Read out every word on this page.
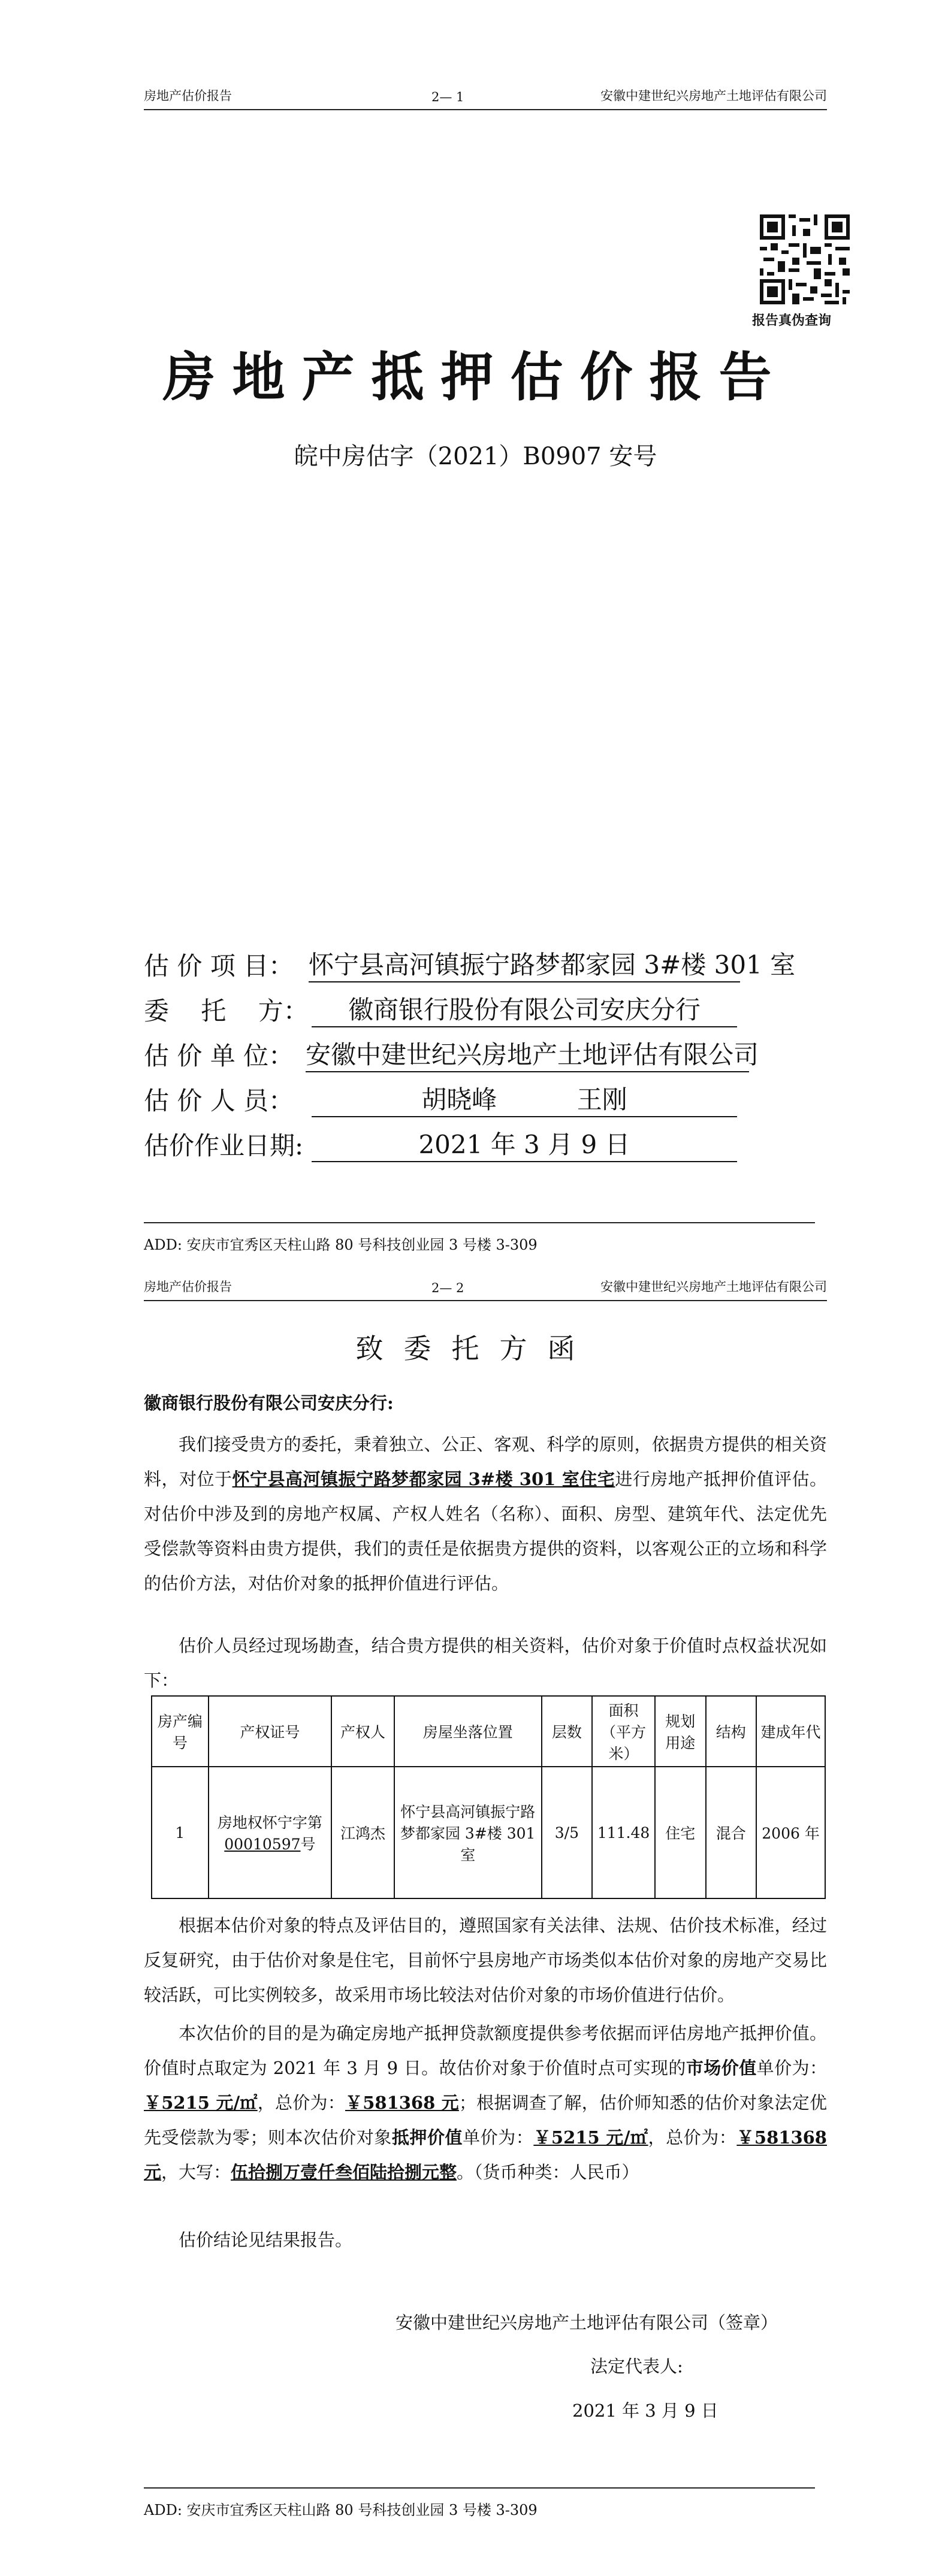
房地产估价报告	2— 1	安徽中建世纪兴房地产土地评估有限公司
报告真伪查询
房地产抵押估价报告
皖中房估字（2021）B0907 安号
估 价 项 目： 怀宁县高河镇振宁路梦都家园 3#楼 301 室
委    托    方：	徽商银行股份有限公司安庆分行
估 价 单 位： 安徽中建世纪兴房地产土地评估有限公司
估 价 人 员：	胡晓峰          王刚
估价作业日期:	2021 年 3 月 9 日
ADD: 安庆市宜秀区天柱山路 80 号科技创业园 3 号楼 3-309
房地产估价报告	2— 2	安徽中建世纪兴房地产土地评估有限公司
致委托方函
徽商银行股份有限公司安庆分行:
我们接受贵方的委托，秉着独立、公正、客观、科学的原则，依据贵方提供的相关资料，对位于怀宁县高河镇振宁路梦都家园 3#楼 301 室住宅进行房地产抵押价值评估。对估价中涉及到的房地产权属、产权人姓名（名称）、面积、房型、建筑年代、法定优先受偿款等资料由贵方提供，我们的责任是依据贵方提供的资料，以客观公正的立场和科学的估价方法，对估价对象的抵押价值进行评估。
估价人员经过现场勘查，结合贵方提供的相关资料，估价对象于价值时点权益状况如下：
房产编号	产权证号	产权人	房屋坐落位置	层数	面积（平方米）	规划用途	结构	建成年代
1	房地权怀宁字第00010597号	江鸿杰	怀宁县高河镇振宁路梦都家园 3#楼 301 室	3/5	111.48	住宅	混合	2006 年
根据本估价对象的特点及评估目的，遵照国家有关法律、法规、估价技术标准，经过反复研究，由于估价对象是住宅，目前怀宁县房地产市场类似本估价对象的房地产交易比较活跃，可比实例较多，故采用市场比较法对估价对象的市场价值进行估价。
本次估价的目的是为确定房地产抵押贷款额度提供参考依据而评估房地产抵押价值。价值时点取定为 2021 年 3 月 9 日。故估价对象于价值时点可实现的市场价值单价为：￥5215 元/㎡，总价为：￥581368 元；根据调查了解，估价师知悉的估价对象法定优先受偿款为零；则本次估价对象抵押价值单价为：￥5215 元/㎡，总价为：￥581368 元，大写：伍拾捌万壹仟叁佰陆拾捌元整。（货币种类：人民币）
估价结论见结果报告。
安徽中建世纪兴房地产土地评估有限公司（签章）
法定代表人:
2021 年 3 月 9 日
ADD: 安庆市宜秀区天柱山路 80 号科技创业园 3 号楼 3-309
